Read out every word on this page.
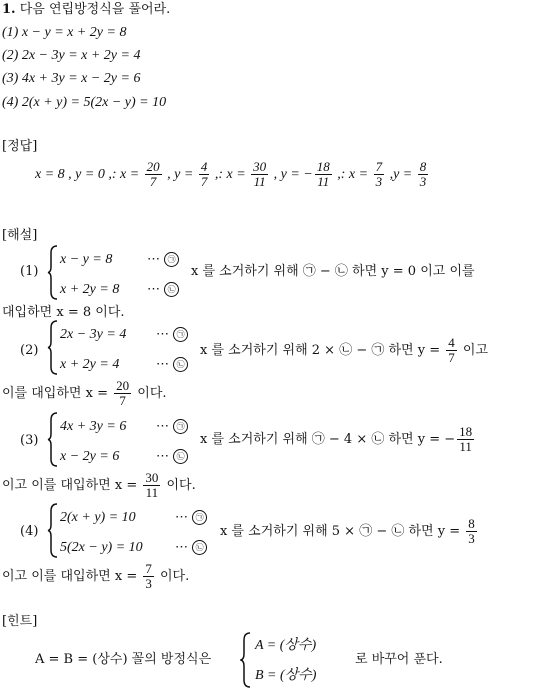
1. 다음 연립방정식을 풀어라.
(1) x − y = x + 2y = 8
(2) 2x − 3y = x + 2y = 4
(3) 4x + 3y = x − 2y = 6
(4) 2(x + y) = 5(2x − y) = 10
[정답]
x = 8 , y = 0 ,: $x = \frac{20}{7}$ , $y = \frac{4}{7}$ ,: $x = \frac{30}{11}$ , y = − $\frac{18}{11}$ ,: $x = \frac{7}{3} ,y = \frac{8}{3}$
[해설]
(1)
x − y = 8	⋯ ㉠
x + 2y = 8 ⋯ ㉡
x 를 소거하기 위해 ㉠ − ㉡ 하면 y = 0 이고 이를
대입하면 x = 8 이다.
(2)
2x − 3y = 4 ⋯ ㉠
x + 2y = 4	⋯ ㉡
x 를 소거하기 위해 2 × ㉡ − ㉠ 하면 $y = \frac{4}{7}$ 이고
이를 대입하면 $x = \frac{20}{7}$ 이다.
(3)
4x + 3y = 6 ⋯ ㉠
x − 2y = 6	⋯ ㉡
x 를 소거하기 위해 ㉠ − 4 × ㉡ 하면 y = − $\frac{18}{11}$
이고 이를 대입하면 $x = \frac{30}{11}$ 이다.
(4)
2(x + y) = 10	⋯ ㉠
5(2x − y) = 10 ⋯ ㉡
x 를 소거하기 위해 5 × ㉠ − ㉡ 하면 $y = \frac{8}{3}$
이고 이를 대입하면 $x = \frac{7}{3}$ 이다.
[힌트]
A = B = (상수) 꼴의 방정식은
A = (상수)
B = (상수)
로 바꾸어 푼다.
